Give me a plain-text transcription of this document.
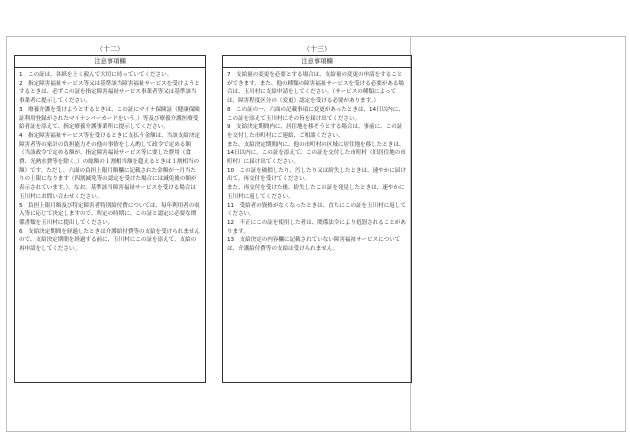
（十二）
注意事項欄

1　この証は、各紙を上く毅んで大切に持っていてください。

2　指定障害福祉サービス等又は基準該当障害福祉サービスを受けようとするときは、必ずこの証を指定障害福祉サービス事業者等又は基準該当事業者に提示してください。

3　療養介護を受けようとするときは、この証にマイナ保険証（健康保険証利用登録がされたマイナンバーカードをいう。）等及び療養介護医療受給者証を添えて、指定療養介護事業所に提示してください。

4　指定障害福祉サービス等を受けるときに支払う金額は、当該支給決定障害者等の家計の負担能力その他の事情をしん酌して政令で定める額（当該政令で定める額が、指定障害福祉サービス等に要した費用（食費、光熱水費等を除く。）の総額の１割相当額を超えるときは１割相当の額）です。ただし、六面の負担上限月額欄に記載された金額が一月当たりの上限になります（四割減免等の認定を受けた場合には減免後の額が表示されています。）。なお、基準該当障害福祉サービスを受ける場合は玉川村にお問い合わせください。

5　負担上限月額及び特定障害者特別給付費については、毎年利用者の収入等に応じて決定しますので、所定の時期に、この証と認定に必要な関係書類を玉川村に提出してください。

6　支給決定期間を経過したときは介護給付費等の支給を受けられませんので、支給決定期間を経過する前に、玉川村にこの証を添えて、支給の再申請をしてください。

（十三）
注意事項欄

7　支給量の変更を必要とする場合は、支給量の変更の申請をすることができます。また、他の種類の障害福祉サービスを受ける必要がある場合は、玉川村に支給申請をしてください。（サービスの種類によっては、障害程度区分の（変更）認定を受ける必要があります。）

8　この証の一、六面の記載事項に変更があったときは、14日以内に、この証を添えて玉川村にその旨を届け出てください。

9　支給決定期間内に、居住地を移そうとする場合は、事前に、この証を交付した市町村にご連絡、ご相談ください。

また、支給決定期間内に、他の市町村の区域に居住地を移したときは、14日以内に、この証を添えて、この証を交付した市町村（旧居住地の市町村）に届け出てください。

10　この証を破損したり、汚したり又は紛失したときは、速やかに届け出て、再交付を受けてください。

また、再交付を受けた後、紛失したこの証を発見したときは、速やかに玉川村に返してください。

11　受給者の資格がなくなったときは、直ちにこの証を玉川村に返してください。

12　不正にこの証を使用した者は、関係法令により処罰されることがあります。

13　支給決定の内容欄に記載されていない障害福祉サービスについては、介護給付費等の支給は受けられません。
